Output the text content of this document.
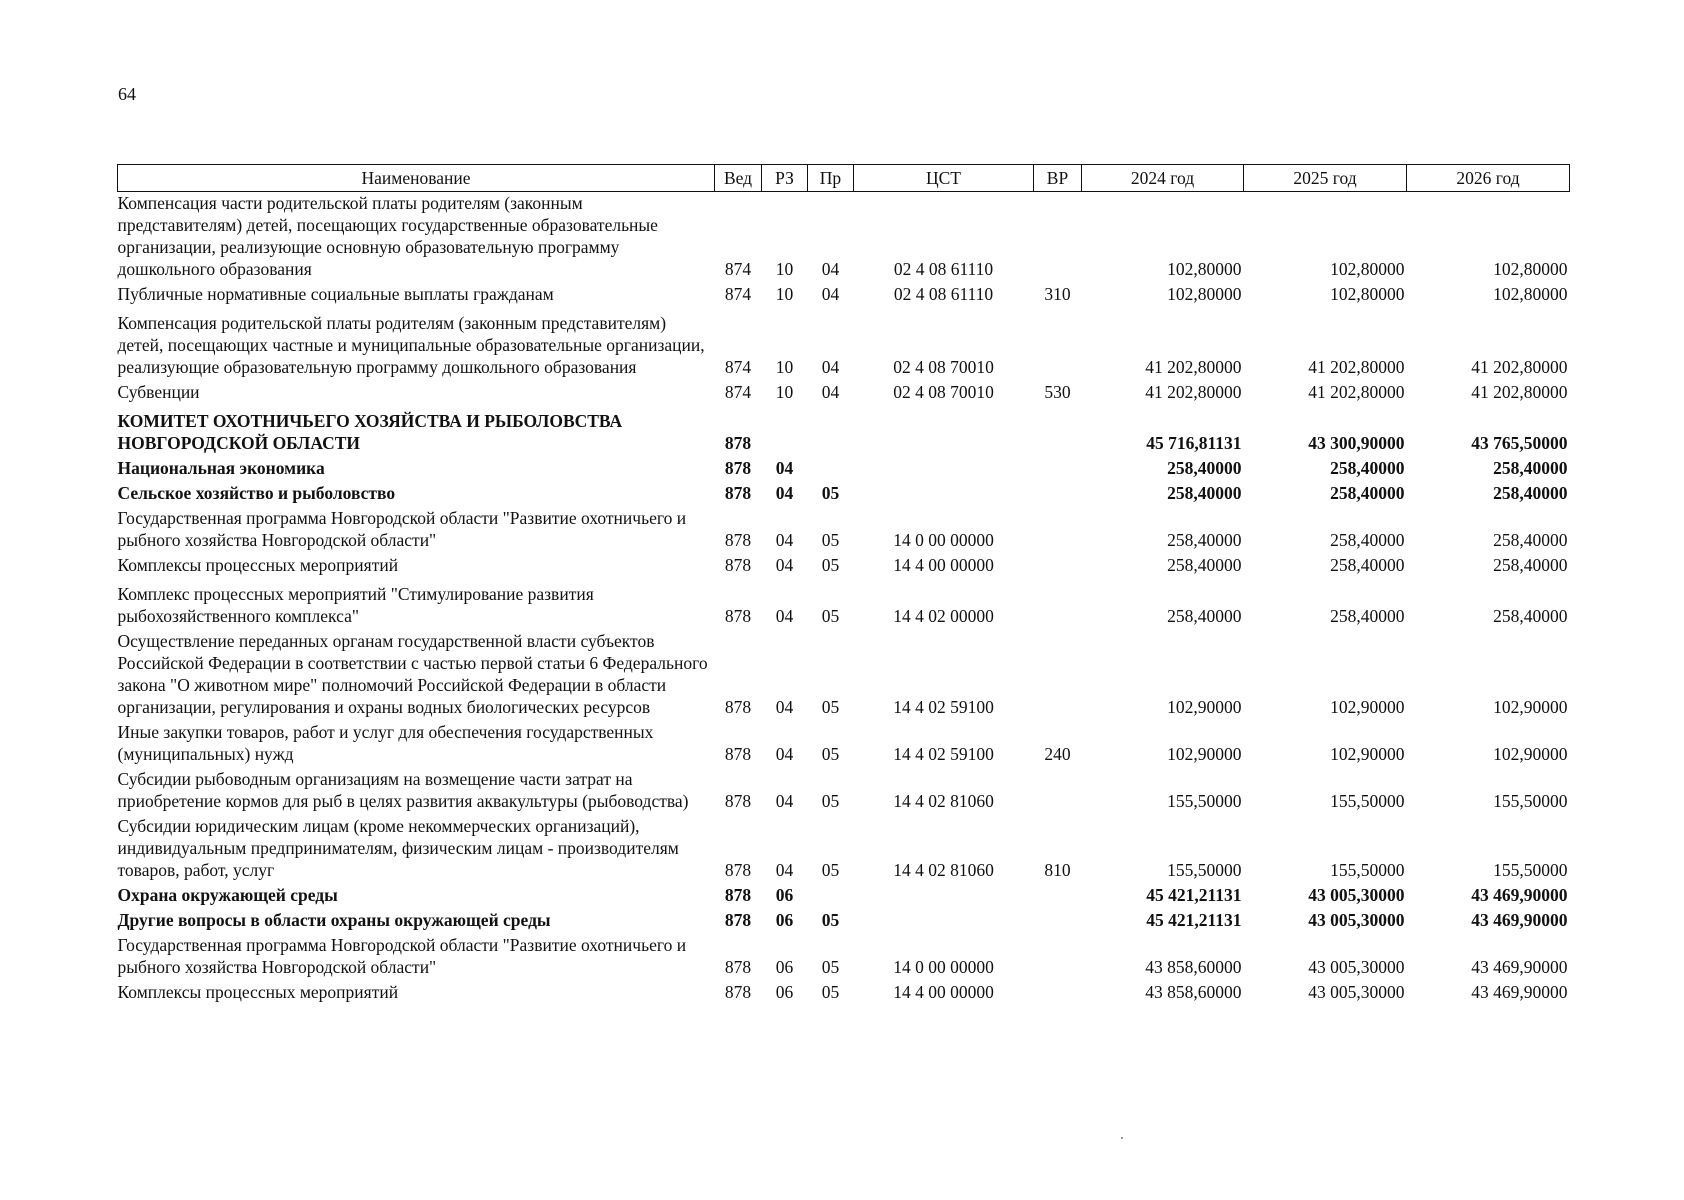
64
Наименование	Вед	РЗ	Пр	ЦСТ	ВР	2024 год	2025 год	2026 год
Компенсация части родительской платы родителям (законным представителям) детей, посещающих государственные образовательные организации, реализующие основную образовательную программу дошкольного образования	874	10	04	02 4 08 61110		102,80000	102,80000	102,80000
Публичные нормативные социальные выплаты гражданам	874	10	04	02 4 08 61110	310	102,80000	102,80000	102,80000
Компенсация родительской платы родителям (законным представителям) детей, посещающих частные и муниципальные образовательные организации, реализующие образовательную программу дошкольного образования	874	10	04	02 4 08 70010		41 202,80000	41 202,80000	41 202,80000
Субвенции	874	10	04	02 4 08 70010	530	41 202,80000	41 202,80000	41 202,80000
КОМИТЕТ ОХОТНИЧЬЕГО ХОЗЯЙСТВА И РЫБОЛОВСТВА НОВГОРОДСКОЙ ОБЛАСТИ	878					45 716,81131	43 300,90000	43 765,50000
Национальная экономика	878	04				258,40000	258,40000	258,40000
Сельское хозяйство и рыболовство	878	04	05			258,40000	258,40000	258,40000
Государственная программа Новгородской области "Развитие охотничьего и рыбного хозяйства Новгородской области"	878	04	05	14 0 00 00000		258,40000	258,40000	258,40000
Комплексы процессных мероприятий	878	04	05	14 4 00 00000		258,40000	258,40000	258,40000
Комплекс процессных мероприятий "Стимулирование развития рыбохозяйственного комплекса"	878	04	05	14 4 02 00000		258,40000	258,40000	258,40000
Осуществление переданных органам государственной власти субъектов Российской Федерации в соответствии с частью первой статьи 6 Федерального закона "О животном мире" полномочий Российской Федерации в области организации, регулирования и охраны водных биологических ресурсов	878	04	05	14 4 02 59100		102,90000	102,90000	102,90000
Иные закупки товаров, работ и услуг для обеспечения государственных (муниципальных) нужд	878	04	05	14 4 02 59100	240	102,90000	102,90000	102,90000
Субсидии рыбоводным организациям на возмещение части затрат на приобретение кормов для рыб в целях развития аквакультуры (рыбоводства)	878	04	05	14 4 02 81060		155,50000	155,50000	155,50000
Субсидии юридическим лицам (кроме некоммерческих организаций), индивидуальным предпринимателям, физическим лицам - производителям товаров, работ, услуг	878	04	05	14 4 02 81060	810	155,50000	155,50000	155,50000
Охрана окружающей среды	878	06				45 421,21131	43 005,30000	43 469,90000
Другие вопросы в области охраны окружающей среды	878	06	05			45 421,21131	43 005,30000	43 469,90000
Государственная программа Новгородской области "Развитие охотничьего и рыбного хозяйства Новгородской области"	878	06	05	14 0 00 00000		43 858,60000	43 005,30000	43 469,90000
Комплексы процессных мероприятий	878	06	05	14 4 00 00000		43 858,60000	43 005,30000	43 469,90000
